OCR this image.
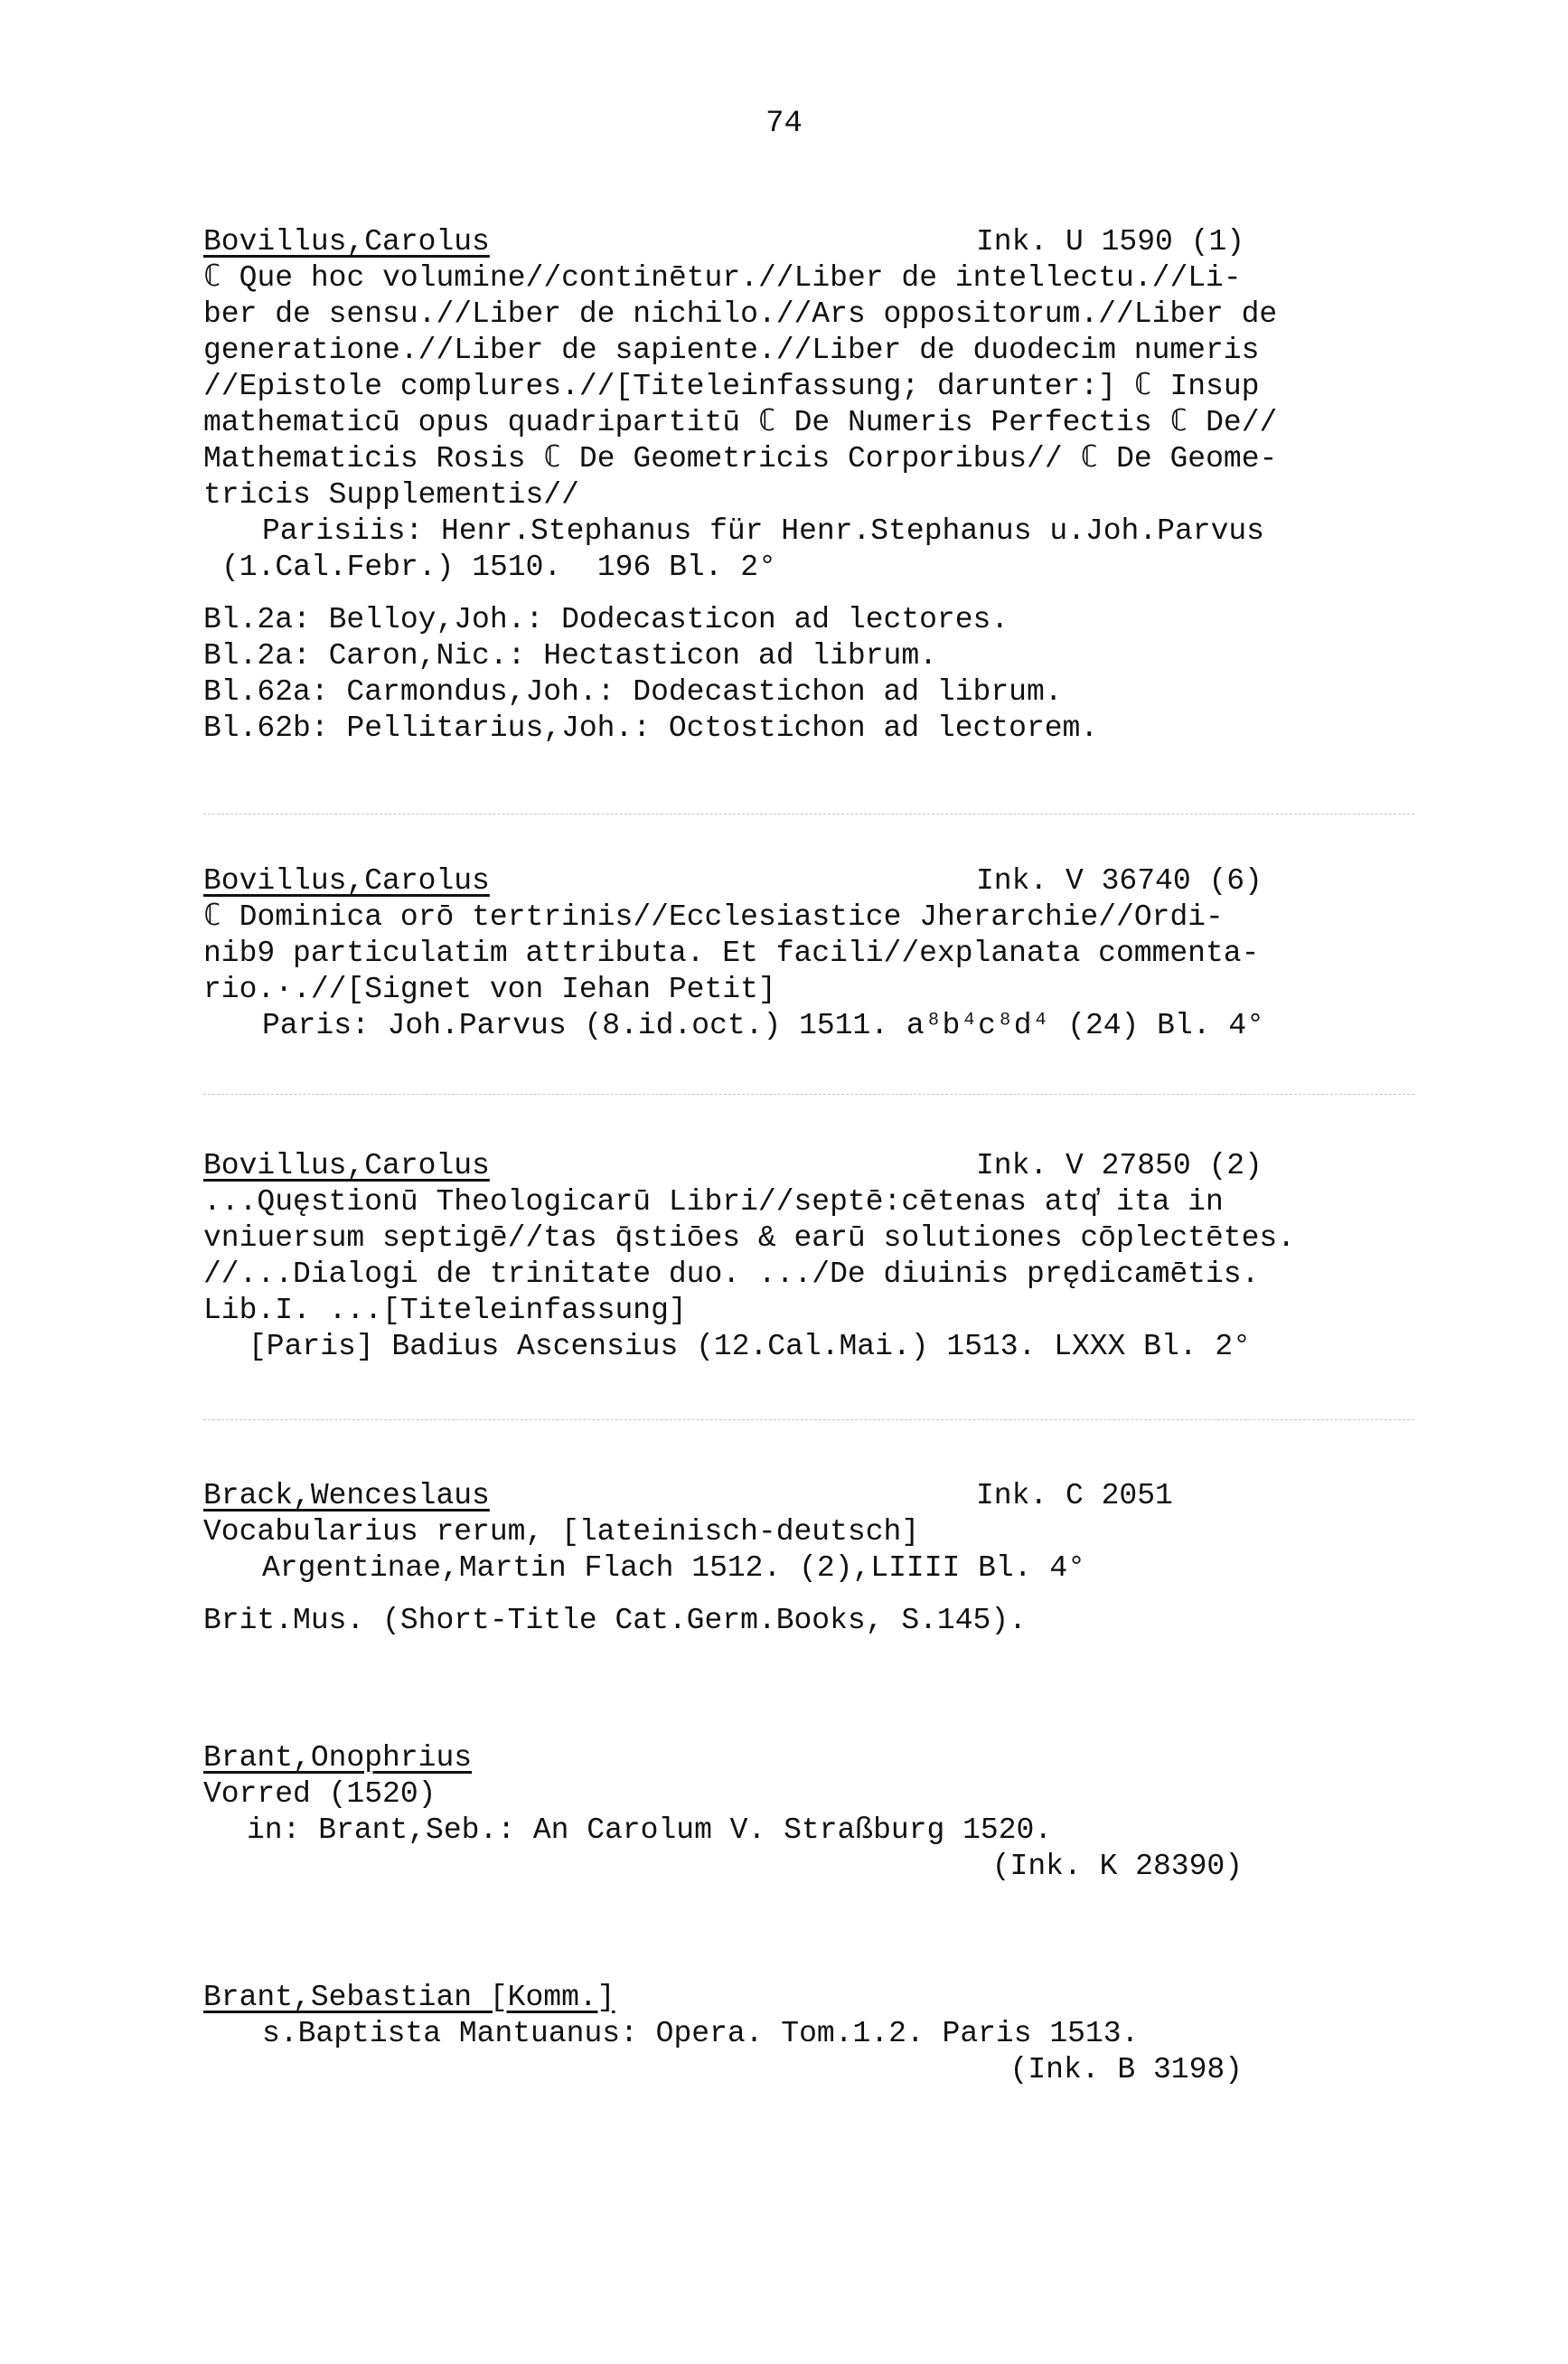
74
Bovillus,Carolus	Ink. U 1590 (1)
ℂ Que hoc volumine//continētur.//Liber de intellectu.//Li-
ber de sensu.//Liber de nichilo.//Ars oppositorum.//Liber de
generatione.//Liber de sapiente.//Liber de duodecim numeris
//Epistole complures.//[Titeleinfassung; darunter:] ℂ Insup
mathematicū opus quadripartitū ℂ De Numeris Perfectis ℂ De//
Mathematicis Rosis ℂ De Geometricis Corporibus// ℂ De Geome-
tricis Supplementis//
Parisiis: Henr.Stephanus für Henr.Stephanus u.Joh.Parvus
(1.Cal.Febr.) 1510.  196 Bl. 2°
Bl.2a: Belloy,Joh.: Dodecasticon ad lectores.
Bl.2a: Caron,Nic.: Hectasticon ad librum.
Bl.62a: Carmondus,Joh.: Dodecastichon ad librum.
Bl.62b: Pellitarius,Joh.: Octostichon ad lectorem.
Bovillus,Carolus	Ink. V 36740 (6)
ℂ Dominica orō tertrinis//Ecclesiastice Jherarchie//Ordi-
nib9 particulatim attributa. Et facili//explanata commenta-
rio.·.//[Signet von Iehan Petit]
Paris: Joh.Parvus (8.id.oct.) 1511. a⁸b⁴c⁸d⁴ (24) Bl. 4°
Bovillus,Carolus	Ink. V 27850 (2)
...Quęstionū Theologicarū Libri//septē:cētenas atq̓ ita in
vniuersum septigē//tas q̄stiōes & earū solutiones cōplectētes.
//...Dialogi de trinitate duo. .../De diuinis prędicamētis.
Lib.I. ...[Titeleinfassung]
[Paris] Badius Ascensius (12.Cal.Mai.) 1513. LXXX Bl. 2°
Brack,Wenceslaus	Ink. C 2051
Vocabularius rerum, [lateinisch-deutsch]
Argentinae,Martin Flach 1512. (2),LIIII Bl. 4°
Brit.Mus. (Short-Title Cat.Germ.Books, S.145).
Brant,Onophrius
Vorred (1520)
in: Brant,Seb.: An Carolum V. Straßburg 1520.
(Ink. K 28390)
Brant,Sebastian [Komm.]
s.Baptista Mantuanus: Opera. Tom.1.2. Paris 1513.
(Ink. B 3198)
